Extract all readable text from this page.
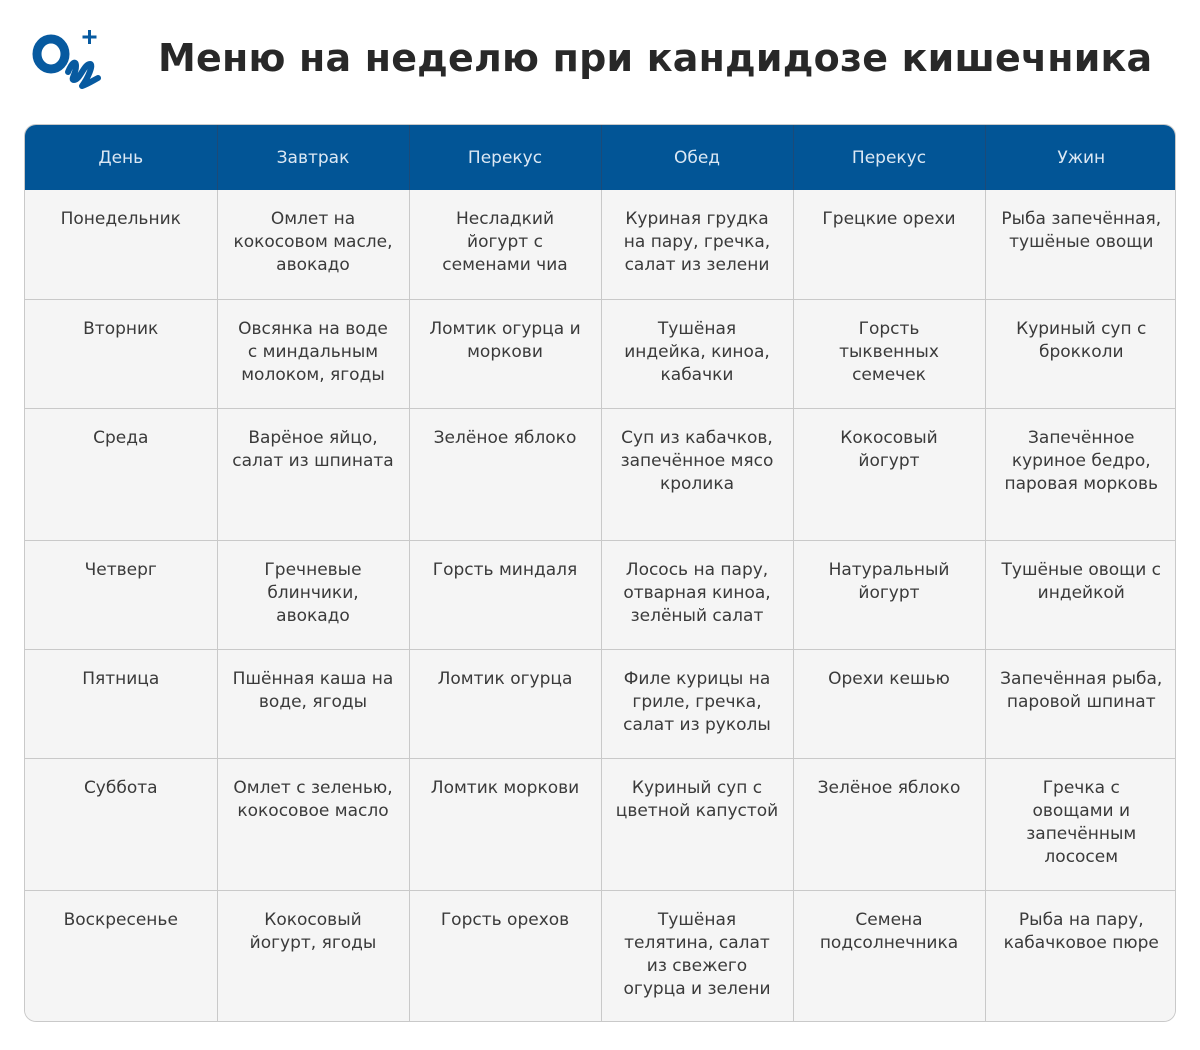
Меню на неделю при кандидозе кишечника
День	Завтрак	Перекус	Обед	Перекус	Ужин
Понедельник	Омлет на кокосовом масле, авокадо	Несладкий йогурт с семенами чиа	Куриная грудка на пару, гречка, салат из зелени	Грецкие орехи	Рыба запечённая, тушёные овощи
Вторник	Овсянка на воде с миндальным молоком, ягоды	Ломтик огурца и моркови	Тушёная индейка, киноа, кабачки	Горсть тыквенных семечек	Куриный суп с брокколи
Среда	Варёное яйцо, салат из шпината	Зелёное яблоко	Суп из кабачков, запечённое мясо кролика	Кокосовый йогурт	Запечённое куриное бедро, паровая морковь
Четверг	Гречневые блинчики, авокадо	Горсть миндаля	Лосось на пару, отварная киноа, зелёный салат	Натуральный йогурт	Тушёные овощи с индейкой
Пятница	Пшённая каша на воде, ягоды	Ломтик огурца	Филе курицы на гриле, гречка, салат из руколы	Орехи кешью	Запечённая рыба, паровой шпинат
Суббота	Омлет с зеленью, кокосовое масло	Ломтик моркови	Куриный суп с цветной капустой	Зелёное яблоко	Гречка с овощами и запечённым лососем
Воскресенье	Кокосовый йогурт, ягоды	Горсть орехов	Тушёная телятина, салат из свежего огурца и зелени	Семена подсолнечника	Рыба на пару, кабачковое пюре
